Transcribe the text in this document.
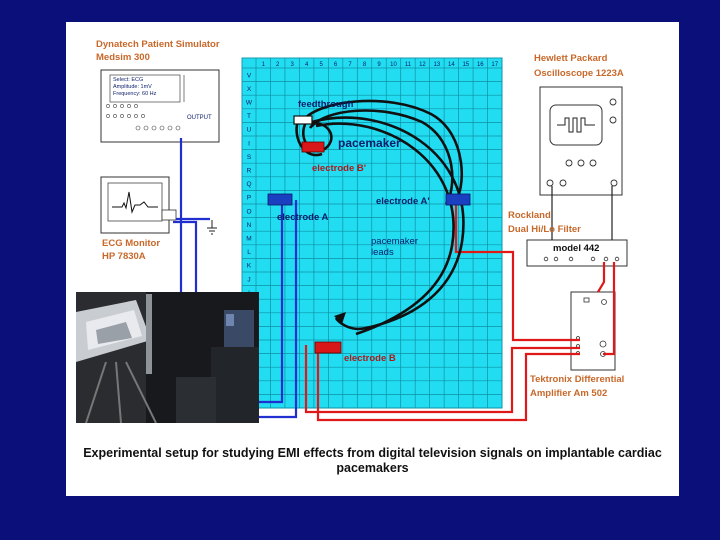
1 2 3 4 5 6 7 8 9 10 11 12 13 14 15 16 17
V
X
W
T
U
I
S
R
Q
P
O
N
M
L
K
J
Dynatech Patient Simulator
Medsim 300
Select: ECG
Amplitude: 1mV
Frequency: 60 Hz
OUTPUT
ECG Monitor
HP 7830A
Hewlett Packard
Oscilloscope 1223A
Rockland
Dual Hi/Lo Filter
model 442
Tektronix Differential
Amplifier Am 502
feedthrough
pacemaker
electrode B'
electrode A'
electrode A
pacemaker
leads
electrode B
Experimental setup for studying EMI effects from digital television signals on implantable cardiac pacemakers
